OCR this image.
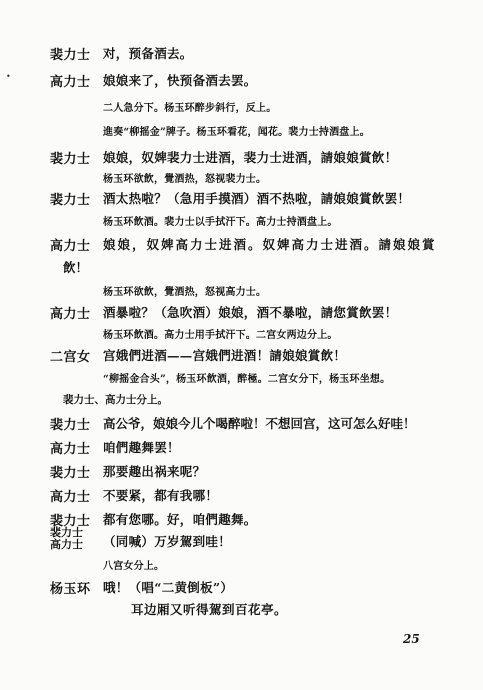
•
裴力士 对，预备酒去。
高力士 娘娘来了，快预备酒去罢。
二人急分下。杨玉环醉步斜行，反上。
進奏“柳摇金”牌子。杨玉环看花，闻花。裴力士持酒盘上。
裴力士 娘娘，奴婢裴力士进酒，裴力士进酒，請娘娘賞飲！
杨玉环欲飲，覺酒热，怒视裴力士。
裴力士 酒太热啦？（急用手摸酒）酒不热啦，請娘娘賞飲罢！
杨玉环飲酒。裴力士以手拭汗下。高力士持酒盘上。
高力士 娘娘，奴婢高力士进酒。奴婢高力士进酒。請娘娘賞
飲！
杨玉环欲飲，覺酒热，怒视高力士。
高力士 酒暴啦？（急吹酒）娘娘，酒不暴啦，請您賞飲罢！
杨玉环飲酒。高力士用手拭汗下。二宫女两边分上。
二宫女 宫娥們进酒——宫娥們进酒！請娘娘賞飲！
“柳摇金合头”，杨玉环飲酒，醉極。二宫女分下，杨玉环坐想。
裴力士、高力士分上。
裴力士 高公爷，娘娘今儿个喝醉啦！不想回宫，这可怎么好哇！
高力士 咱們趣舞罢！
裴力士 那要趣出祸来呢？
高力士 不要紧，都有我哪！
裴力士 都有您哪。好，咱們趣舞。
裴力士
高力士 （同喊）万岁駕到哇！
八宫女分上。
杨玉环 哦！（唱“二黄倒板”）
耳边厢又听得駕到百花亭。
25
